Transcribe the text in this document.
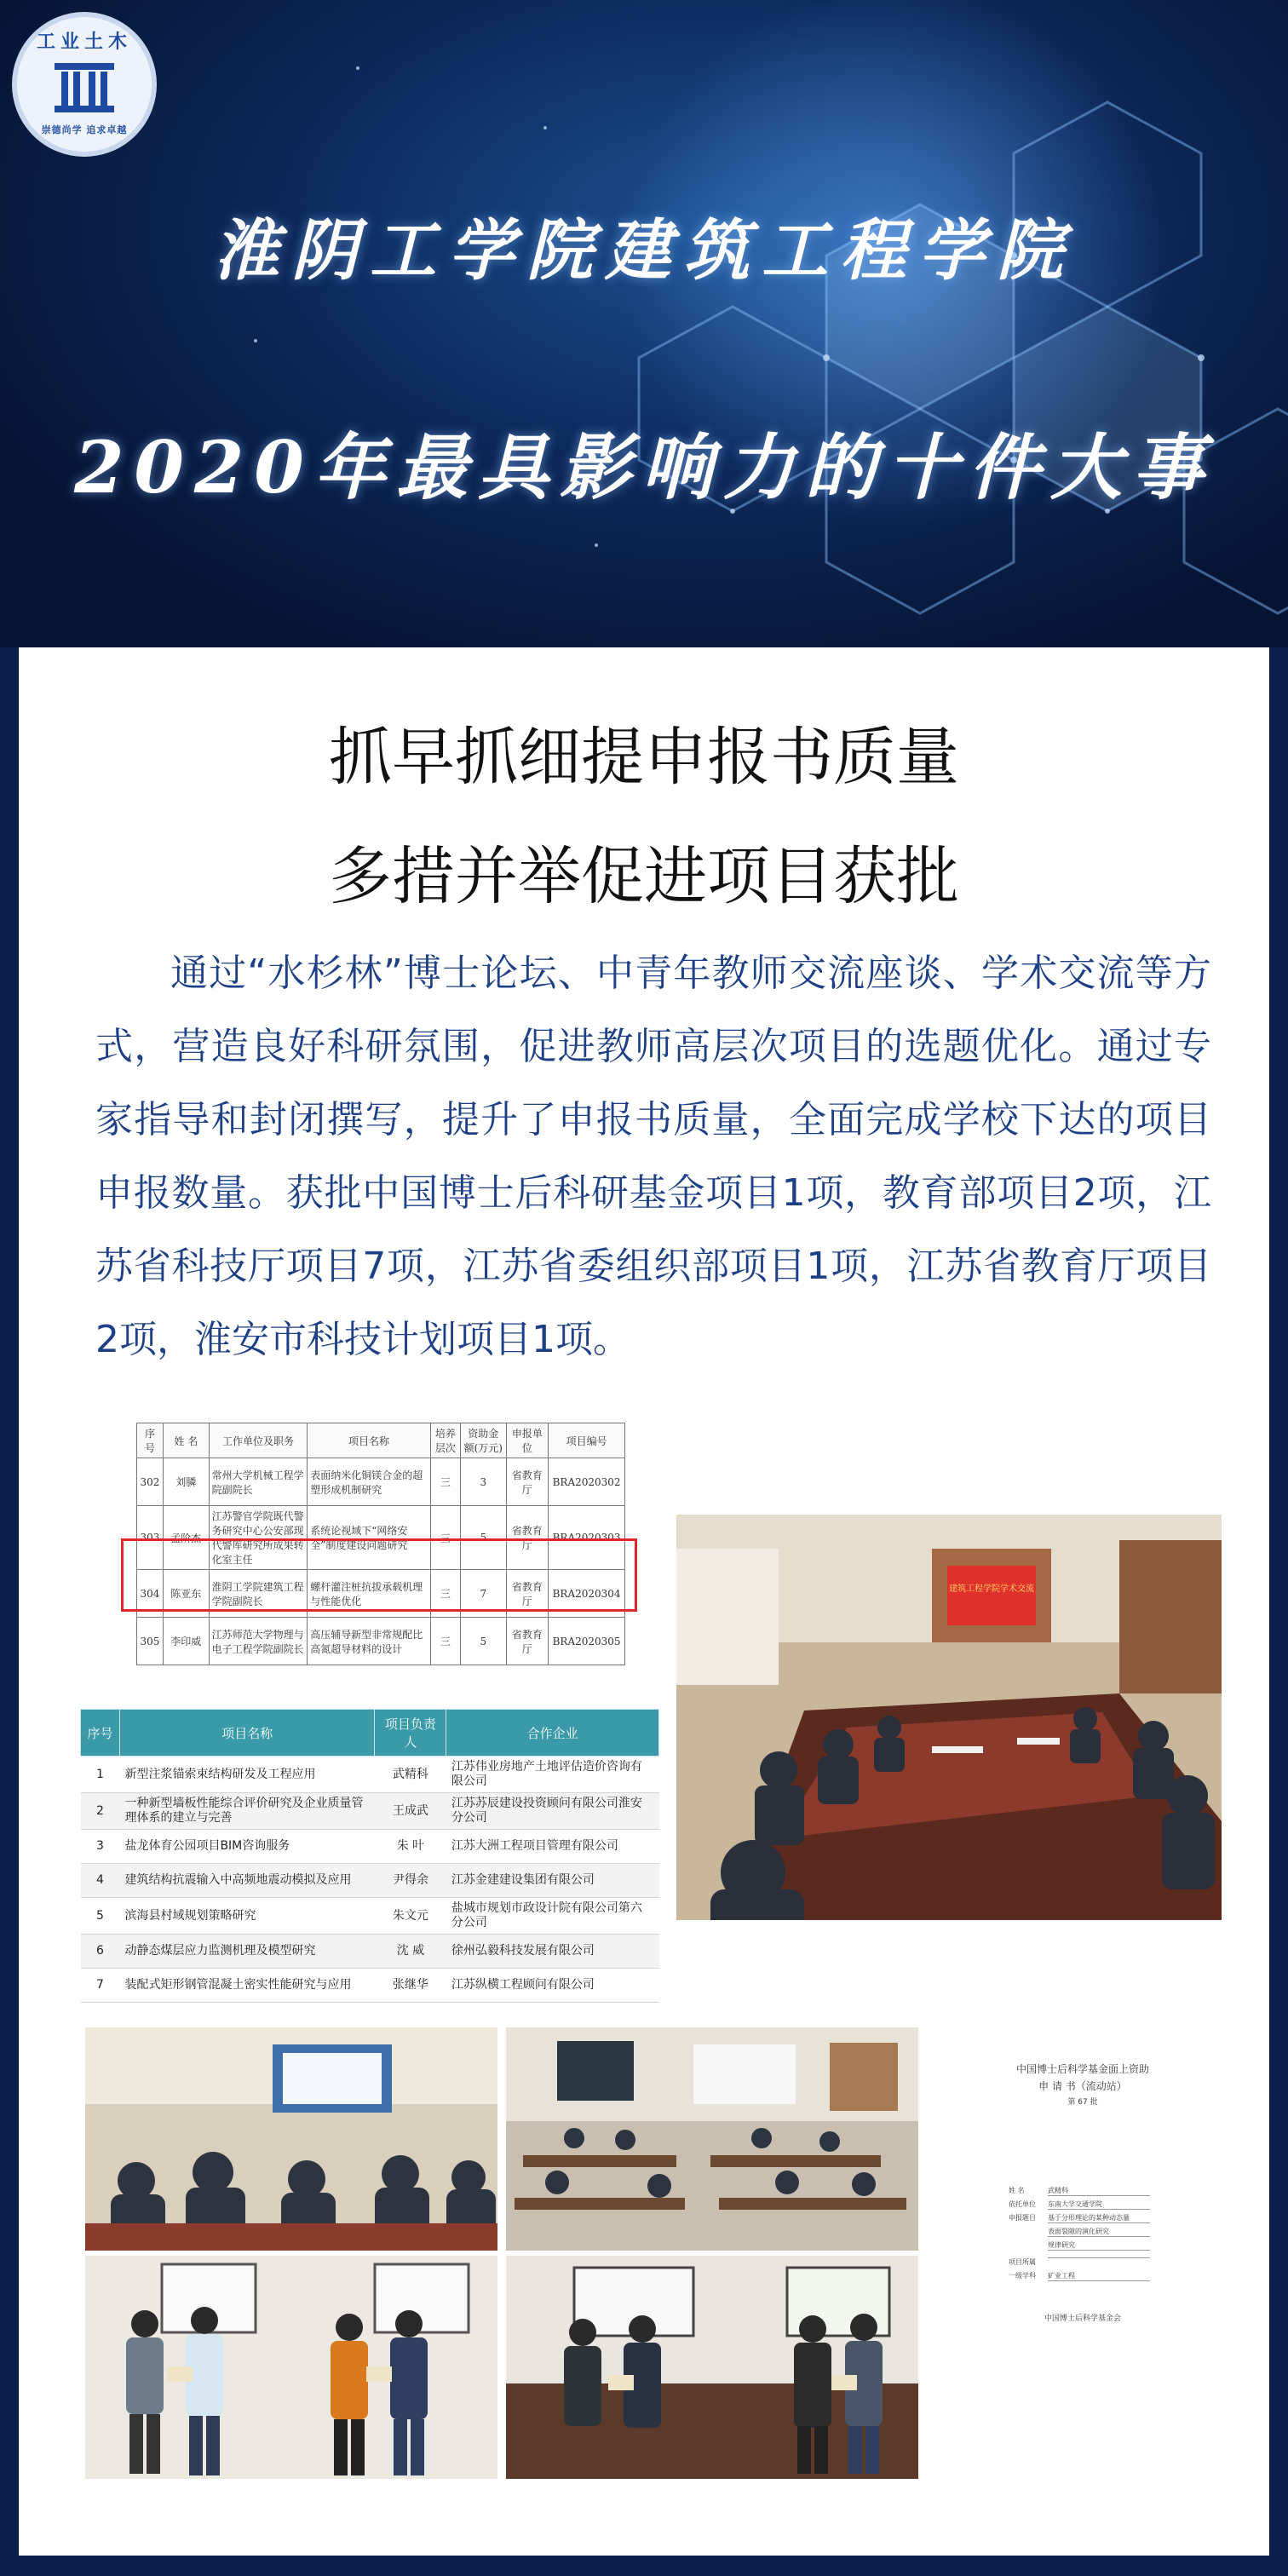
工业土木
崇德尚学 追求卓越
淮阴工学院建筑工程学院
2020年最具影响力的十件大事
抓早抓细提申报书质量
多措并举促进项目获批

通过“水杉林”博士论坛、中青年教师交流座谈、学术交流等方式，营造良好科研氛围，促进教师高层次项目的选题优化。通过专家指导和封闭撰写，提升了申报书质量，全面完成学校下达的项目申报数量。获批中国博士后科研基金项目1项，教育部项目2项，江苏省科技厅项目7项，江苏省委组织部项目1项，江苏省教育厅项目2项，淮安市科技计划项目1项。

序号	姓 名	工作单位及职务	项目名称	培养层次	资助金额(万元)	申报单位	项目编号
302	刘膦	常州大学机械工程学院副院长	表面纳米化铜镁合金的超塑形成机制研究	三	3	省教育厅	BRA2020302
303	孟阶杰	江苏警官学院既代警务研究中心公安部现代警库研究所成果转化室主任	系统论视域下“网络安全”制度建设问题研究	三	5	省教育厅	BRA2020303
304	陈亚东	淮阴工学院建筑工程学院副院长	螺杆灌注桩抗拔承载机理与性能优化	三	7	省教育厅	BRA2020304
305	李印威	江苏师范大学物理与电子工程学院副院长	高压辅导新型非常规配比高氮超导材料的设计	三	5	省教育厅	BRA2020305
建筑工程学院学术交流
序号	项目名称	项目负责人	合作企业
1	新型注浆锚索束结构研发及工程应用	武精科	江苏伟业房地产土地评估造价咨询有限公司
2	一种新型墙板性能综合评价研究及企业质量管理体系的建立与完善	王成武	江苏苏辰建设投资顾问有限公司淮安分公司
3	盐龙体育公园项目BIM咨询服务	朱 叶	江苏大洲工程项目管理有限公司
4	建筑结构抗震输入中高频地震动模拟及应用	尹得余	江苏金建建设集团有限公司
5	滨海县村域规划策略研究	朱文元	盐城市规划市政设计院有限公司第六分公司
6	动静态煤层应力监测机理及模型研究	沈 威	徐州弘毅科技发展有限公司
7	装配式矩形钢管混凝土密实性能研究与应用	张继华	江苏纵横工程顾问有限公司
中国博士后科学基金面上资助
申 请 书（流动站）
第 67 批
姓 名	武精科
依托单位 东南大学交通学院
申报题目 基于分形理论的某种动态量
表面裂隙的演化研究
规律研究
项目所属
一级学科 矿业工程
中国博士后科学基金会
